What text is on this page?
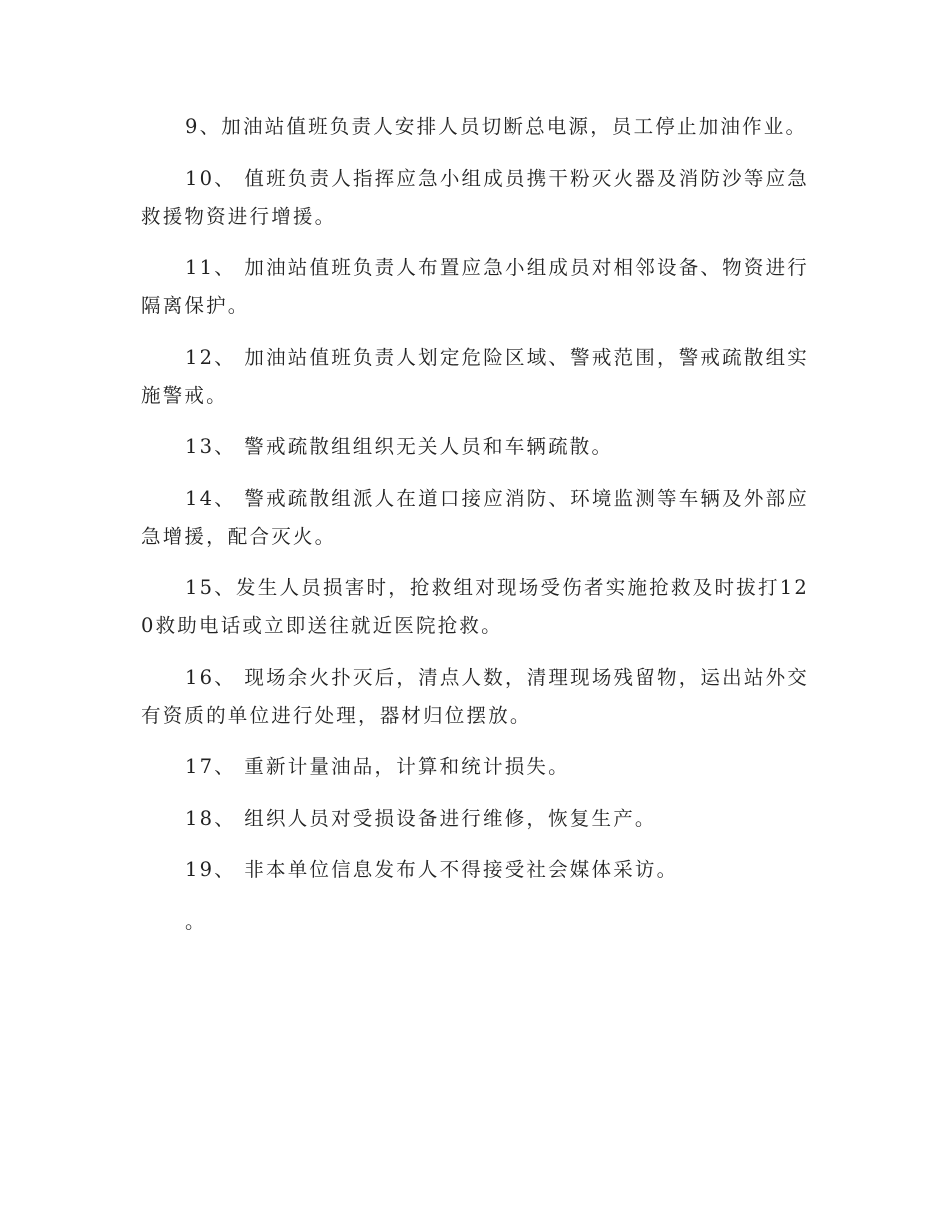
9、加油站值班负责人安排人员切断总电源，员工停止加油作业。

10、 值班负责人指挥应急小组成员携干粉灭火器及消防沙等应急救援物资进行增援。

11、 加油站值班负责人布置应急小组成员对相邻设备、物资进行隔离保护。

12、 加油站值班负责人划定危险区域、警戒范围，警戒疏散组实施警戒。

13、 警戒疏散组组织无关人员和车辆疏散。

14、 警戒疏散组派人在道口接应消防、环境监测等车辆及外部应急增援，配合灭火。

15、发生人员损害时，抢救组对现场受伤者实施抢救及时拔打120救助电话或立即送往就近医院抢救。

16、 现场余火扑灭后，清点人数，清理现场残留物，运出站外交有资质的单位进行处理，器材归位摆放。

17、 重新计量油品，计算和统计损失。

18、 组织人员对受损设备进行维修，恢复生产。

19、 非本单位信息发布人不得接受社会媒体采访。

。
